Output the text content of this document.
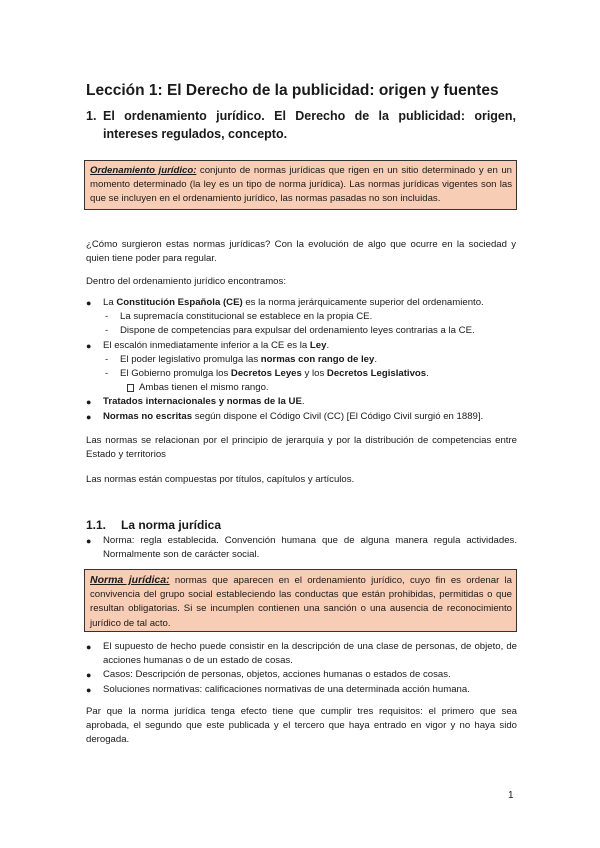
Lección 1: El Derecho de la publicidad: origen y fuentes
1. El ordenamiento jurídico. El Derecho de la publicidad: origen, intereses regulados, concepto.
Ordenamiento jurídico: conjunto de normas jurídicas que rigen en un sitio determinado y en un momento determinado (la ley es un tipo de norma jurídica). Las normas jurídicas vigentes son las que se incluyen en el ordenamiento jurídico, las normas pasadas no son incluidas.
¿Cómo surgieron estas normas jurídicas? Con la evolución de algo que ocurre en la sociedad y quien tiene poder para regular.
Dentro del ordenamiento jurídico encontramos:
● La Constitución Española (CE) es la norma jerárquicamente superior del ordenamiento.
- La supremacía constitucional se establece en la propia CE.
- Dispone de competencias para expulsar del ordenamiento leyes contrarias a la CE.
● El escalón inmediatamente inferior a la CE es la Ley.
- El poder legislativo promulga las normas con rango de ley.
- El Gobierno promulga los Decretos Leyes y los Decretos Legislativos.
Ambas tienen el mismo rango.
● Tratados internacionales y normas de la UE.
● Normas no escritas según dispone el Código Civil (CC) [El Código Civil surgió en 1889].
Las normas se relacionan por el principio de jerarquía y por la distribución de competencias entre Estado y territorios
Las normas están compuestas por títulos, capítulos y artículos.
1.1. La norma jurídica
● Norma: regla establecida. Convención humana que de alguna manera regula actividades. Normalmente son de carácter social.
Norma jurídica: normas que aparecen en el ordenamiento jurídico, cuyo fin es ordenar la convivencia del grupo social estableciendo las conductas que están prohibidas, permitidas o que resultan obligatorias. Si se incumplen contienen una sanción o una ausencia de reconocimiento jurídico de tal acto.
● El supuesto de hecho puede consistir en la descripción de una clase de personas, de objeto, de acciones humanas o de un estado de cosas.
● Casos: Descripción de personas, objetos, acciones humanas o estados de cosas.
● Soluciones normativas: calificaciones normativas de una determinada acción humana.
Par que la norma jurídica tenga efecto tiene que cumplir tres requisitos: el primero que sea aprobada, el segundo que este publicada y el tercero que haya entrado en vigor y no haya sido derogada.
1
